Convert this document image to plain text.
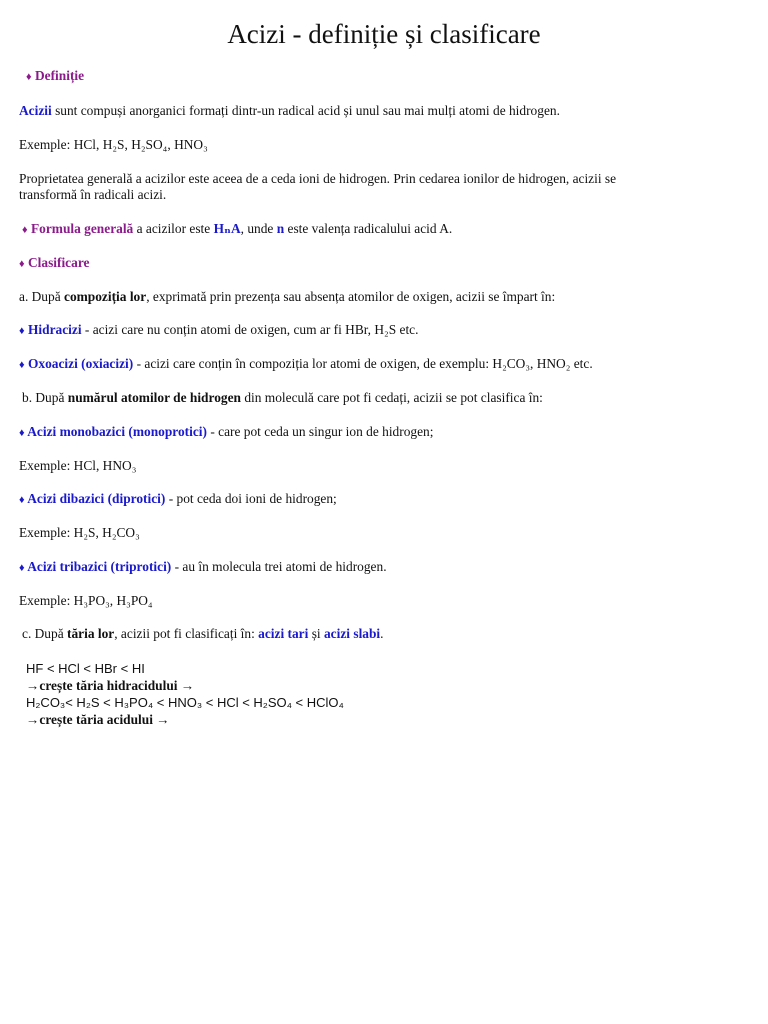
Acizi - definiție și clasificare
♦ Definiție
Acizii sunt compuși anorganici formați dintr-un radical acid și unul sau mai mulți atomi de hidrogen.
Exemple: HCl, H₂S, H₂SO₄, HNO₃
Proprietatea generală a acizilor este aceea de a ceda ioni de hidrogen. Prin cedarea ionilor de hidrogen, acizii se
transformă în radicali acizi.
♦ Formula generală a acizilor este HₙA, unde n este valența radicalului acid A.
♦ Clasificare
a. După compoziția lor, exprimată prin prezența sau absența atomilor de oxigen, acizii se împart în:
♦ Hidracizi - acizi care nu conțin atomi de oxigen, cum ar fi HBr, H₂S etc.
♦ Oxoacizi (oxiacizi) - acizi care conțin în compoziția lor atomi de oxigen, de exemplu: H₂CO₃, HNO₂ etc.
b. După numărul atomilor de hidrogen din moleculă care pot fi cedați, acizii se pot clasifica în:
♦ Acizi monobazici (monoprotici) - care pot ceda un singur ion de hidrogen;
Exemple: HCl, HNO₃
♦ Acizi dibazici (diprotici) - pot ceda doi ioni de hidrogen;
Exemple: H₂S, H₂CO₃
♦ Acizi tribazici (triprotici) - au în molecula trei atomi de hidrogen.
Exemple: H₃PO₃, H₃PO₄
c. După tăria lor, acizii pot fi clasificați în: acizi tari și acizi slabi.
HF < HCl < HBr < HI
→crește tăria hidracidului →
H₂CO₃< H₂S < H₃PO₄ < HNO₃ < HCl < H₂SO₄ < HClO₄
→crește tăria acidului →
